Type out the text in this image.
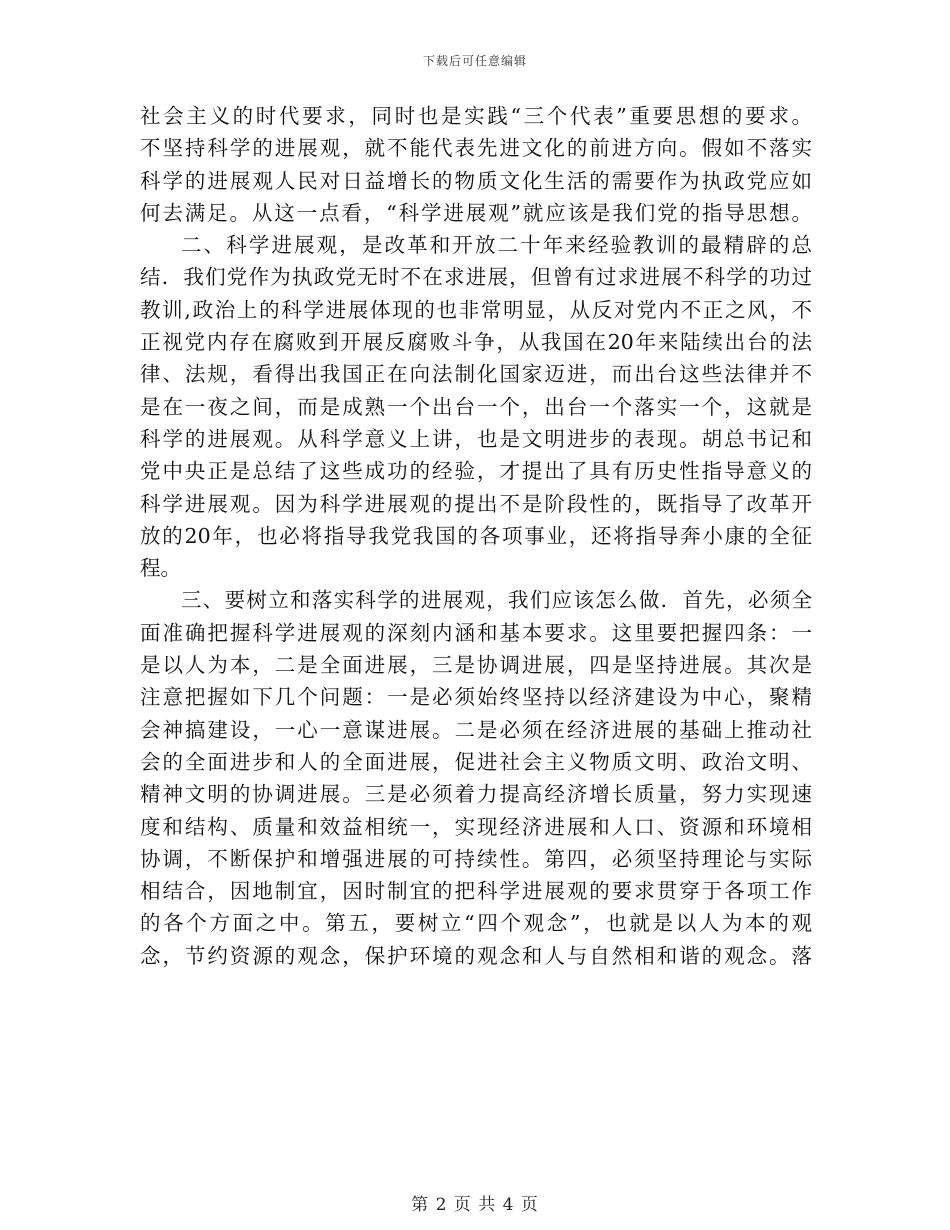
下载后可任意编辑
社会主义的时代要求，同时也是实践“三个代表”重要思想的要求。
不坚持科学的进展观，就不能代表先进文化的前进方向。假如不落实
科学的进展观人民对日益增长的物质文化生活的需要作为执政党应如
何去满足。从这一点看，“科学进展观”就应该是我们党的指导思想。
二、科学进展观，是改革和开放二十年来经验教训的最精辟的总
结．我们党作为执政党无时不在求进展，但曾有过求进展不科学的功过
教训,政治上的科学进展体现的也非常明显，从反对党内不正之风，不
正视党内存在腐败到开展反腐败斗争，从我国在20年来陆续出台的法
律、法规，看得出我国正在向法制化国家迈进，而出台这些法律并不
是在一夜之间，而是成熟一个出台一个，出台一个落实一个，这就是
科学的进展观。从科学意义上讲，也是文明进步的表现。胡总书记和
党中央正是总结了这些成功的经验，才提出了具有历史性指导意义的
科学进展观。因为科学进展观的提出不是阶段性的，既指导了改革开
放的20年，也必将指导我党我国的各项事业，还将指导奔小康的全征
程。
三、要树立和落实科学的进展观，我们应该怎么做．首先，必须全
面准确把握科学进展观的深刻内涵和基本要求。这里要把握四条：一
是以人为本，二是全面进展，三是协调进展，四是坚持进展。其次是
注意把握如下几个问题：一是必须始终坚持以经济建设为中心，聚精
会神搞建设，一心一意谋进展。二是必须在经济进展的基础上推动社
会的全面进步和人的全面进展，促进社会主义物质文明、政治文明、
精神文明的协调进展。三是必须着力提高经济增长质量，努力实现速
度和结构、质量和效益相统一，实现经济进展和人口、资源和环境相
协调，不断保护和增强进展的可持续性。第四，必须坚持理论与实际
相结合，因地制宜，因时制宜的把科学进展观的要求贯穿于各项工作
的各个方面之中。第五，要树立“四个观念”，也就是以人为本的观
念，节约资源的观念，保护环境的观念和人与自然相和谐的观念。落
第 2 页 共 4 页
